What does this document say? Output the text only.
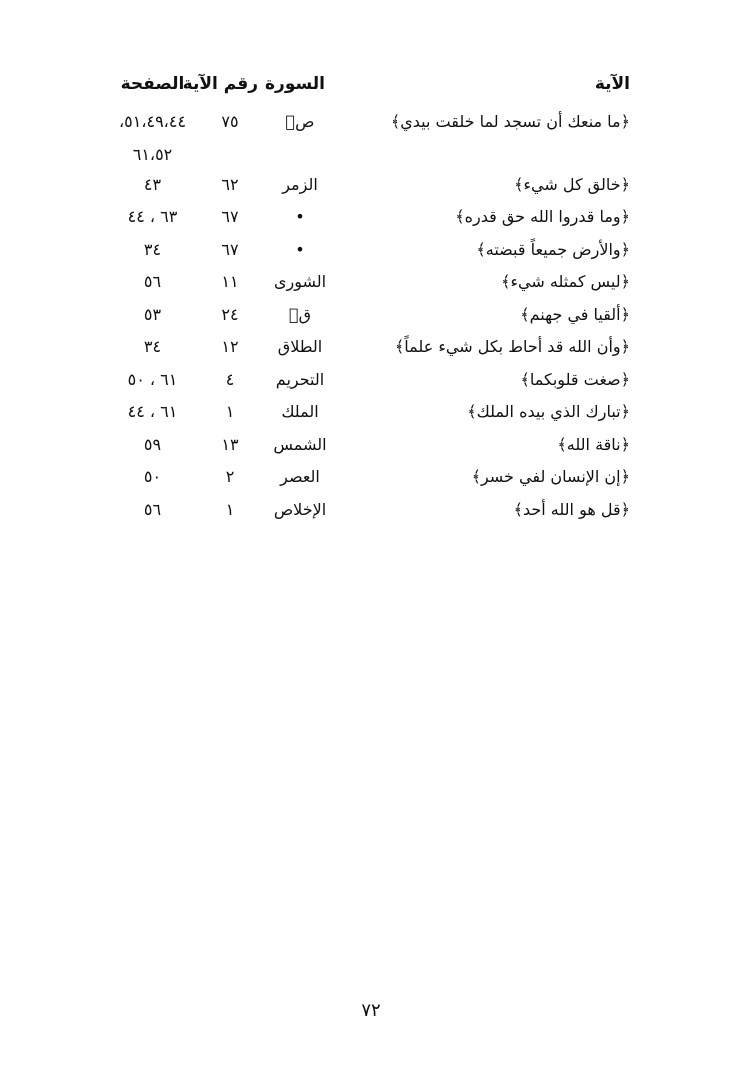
الآية
السورة
رقم الآية
الصفحة
﴿ما منعك أن تسجد لما خلقت بيدي﴾
صۤ
٧٥
٥١،٤٩،٤٤،
٦١،٥٢
﴿خالق كل شيء﴾
الزمر
٦٢
٤٣
﴿وما قدروا الله حق قدره﴾
•
٦٧
٦٣ ، ٤٤
﴿والأرض جميعاً قبضته﴾
•
٦٧
٣٤
﴿ليس كمثله شيء﴾
الشورى
١١
٥٦
﴿ألقيا في جهنم﴾
قۤ
٢٤
٥٣
﴿وأن الله قد أحاط بكل شيء علماً﴾
الطلاق
١٢
٣٤
﴿صغت قلوبكما﴾
التحريم
٤
٦١ ، ٥٠
﴿تبارك الذي بيده الملك﴾
الملك
١
٦١ ، ٤٤
﴿ناقة الله﴾
الشمس
١٣
٥٩
﴿إن الإنسان لفي خسر﴾
العصر
٢
٥٠
﴿قل هو الله أحد﴾
الإخلاص
١
٥٦
٧٢
